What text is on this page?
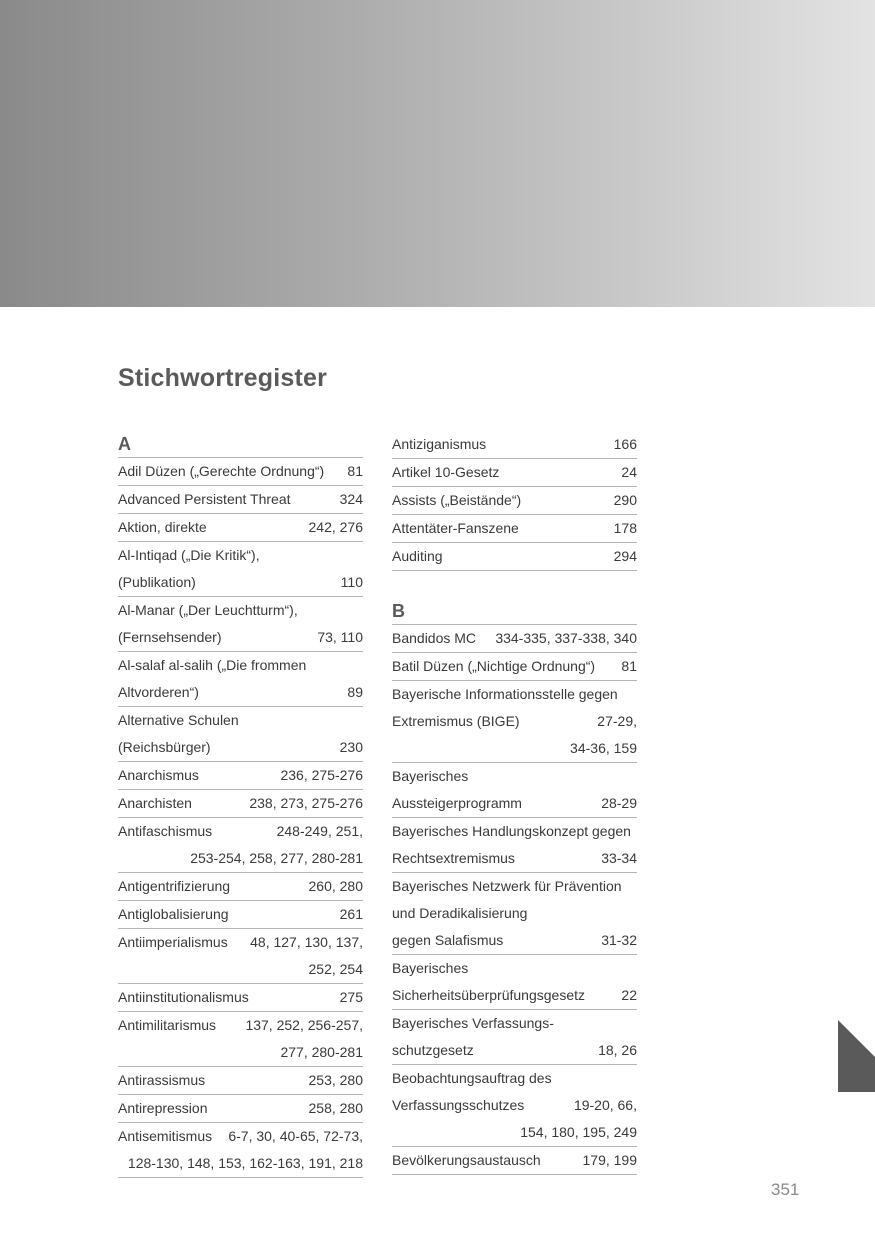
Stichwortregister
A
Adil Düzen („Gerechte Ordnung“) 81
Advanced Persistent Threat	324
Aktion, direkte	242, 276
Al-Intiqad („Die Kritik“),
(Publikation)	110
Al-Manar („Der Leuchtturm“),
(Fernsehsender)	73, 110
Al-salaf al-salih („Die frommen
Altvorderen“)	89
Alternative Schulen
(Reichsbürger)	230
Anarchismus	236, 275-276
Anarchisten	238, 273, 275-276
Antifaschismus	248-249, 251,
253-254, 258, 277, 280-281
Antigentrifizierung	260, 280
Antiglobalisierung	261
Antiimperialismus 48, 127, 130, 137,
252, 254
Antiinstitutionalismus	275
Antimilitarismus 137, 252, 256-257,
277, 280-281
Antirassismus	253, 280
Antirepression	258, 280
Antisemitismus 6-7, 30, 40-65, 72-73,
128-130, 148, 153, 162-163, 191, 218
Antiziganismus	166
Artikel 10-Gesetz	24
Assists („Beistände“)	290
Attentäter-Fanszene	178
Auditing	294
B
Bandidos MC 334-335, 337-338, 340
Batil Düzen („Nichtige Ordnung“) 81
Bayerische Informationsstelle gegen
Extremismus (BIGE)	27-29,
34-36, 159
Bayerisches
Aussteigerprogramm	28-29
Bayerisches Handlungskonzept gegen
Rechtsextremismus	33-34
Bayerisches Netzwerk für Prävention
und Deradikalisierung
gegen Salafismus	31-32
Bayerisches
Sicherheitsüberprüfungsgesetz	22
Bayerisches Verfassungs-
schutzgesetz	18, 26
Beobachtungsauftrag des
Verfassungsschutzes	19-20, 66,
154, 180, 195, 249
Bevölkerungsaustausch	179, 199
351
